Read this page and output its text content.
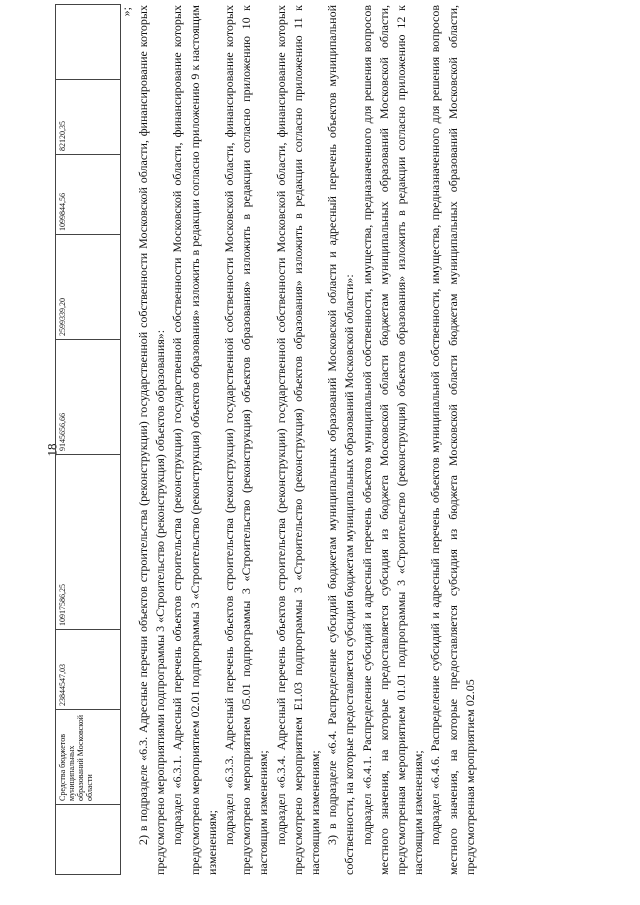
18
	Средства бюджетов муниципальных образований Московской области	23844547,03	10917586,25	9145656,66	2599339,20	1099844,56	82120,35	
»; 2) в подразделе «6.3. Адресные перечни объектов строительства (реконструкции) государственной собственности Московской области, финансирование которых предусмотрено мероприятиями подпрограммы 3 «Строительство (реконструкция) объектов образования»: подраздел «6.3.1. Адресный перечень объектов строительства (реконструкции) государственной собственности Московской области, финансирование которых предусмотрено мероприятием 02.01 подпрограммы 3 «Строительство (реконструкция) объектов образования» изложить в редакции согласно приложению 9 к настоящим изменениям; подраздел «6.3.3. Адресный перечень объектов строительства (реконструкции) государственной собственности Московской области, финансирование которых предусмотрено мероприятием 05.01 подпрограммы 3 «Строительство (реконструкция) объектов образования» изложить в редакции согласно приложению 10 к настоящим изменениям; подраздел «6.3.4. Адресный перечень объектов строительства (реконструкции) государственной собственности Московской области, финансирование которых предусмотрено мероприятием Е1.03 подпрограммы 3 «Строительство (реконструкция) объектов образования» изложить в редакции согласно приложению 11 к настоящим изменениям; 3) в подразделе «6.4. Распределение субсидий бюджетам муниципальных образований Московской области и адресный перечень объектов муниципальной собственности, на которые предоставляется субсидия бюджетам муниципальных образований Московской области»: подраздел «6.4.1. Распределение субсидий и адресный перечень объектов муниципальной собственности, имущества, предназначенного для решения вопросов местного значения, на которые предоставляется субсидия из бюджета Московской области бюджетам муниципальных образований Московской области, предусмотренная мероприятием 01.01 подпрограммы 3 «Строительство (реконструкция) объектов образования» изложить в редакции согласно приложению 12 к настоящим изменениям; подраздел «6.4.6. Распределение субсидий и адресный перечень объектов муниципальной собственности, имущества, предназначенного для решения вопросов местного значения, на которые предоставляется субсидия из бюджета Московской области бюджетам муниципальных образований Московской области, предусмотренная мероприятием 02.05
